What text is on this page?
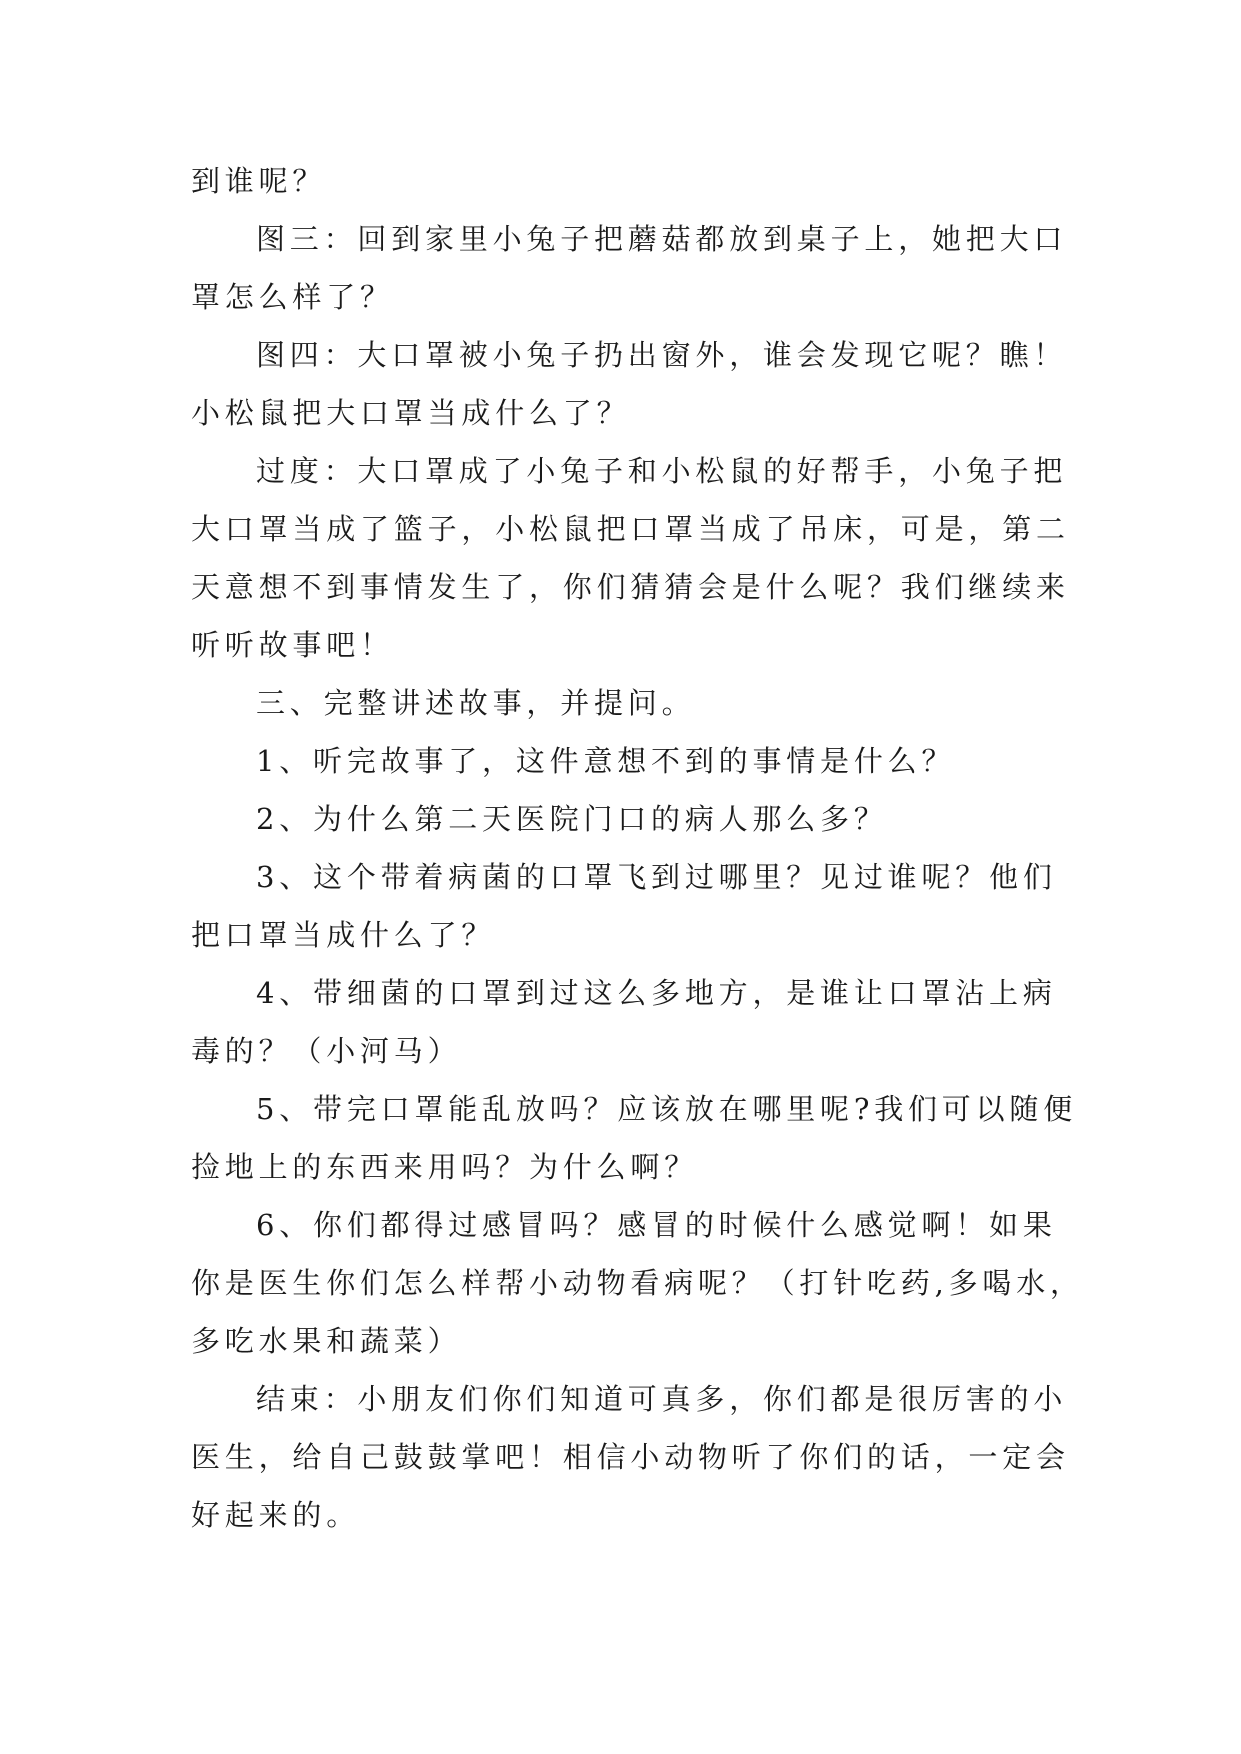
到谁呢？
图三：回到家里小兔子把蘑菇都放到桌子上，她把大口
罩怎么样了？
图四：大口罩被小兔子扔出窗外，谁会发现它呢？瞧！
小松鼠把大口罩当成什么了？
过度：大口罩成了小兔子和小松鼠的好帮手，小兔子把
大口罩当成了篮子，小松鼠把口罩当成了吊床，可是，第二
天意想不到事情发生了，你们猜猜会是什么呢？我们继续来
听听故事吧！
三、完整讲述故事，并提问。
1、听完故事了，这件意想不到的事情是什么？
2、为什么第二天医院门口的病人那么多？
3、这个带着病菌的口罩飞到过哪里？见过谁呢？他们
把口罩当成什么了？
4、带细菌的口罩到过这么多地方，是谁让口罩沾上病
毒的？（小河马）
5、带完口罩能乱放吗？应该放在哪里呢?我们可以随便
捡地上的东西来用吗？为什么啊？
6、你们都得过感冒吗？感冒的时候什么感觉啊！如果
你是医生你们怎么样帮小动物看病呢？（打针吃药,多喝水，
多吃水果和蔬菜）
结束：小朋友们你们知道可真多，你们都是很厉害的小
医生，给自己鼓鼓掌吧！相信小动物听了你们的话，一定会
好起来的。
